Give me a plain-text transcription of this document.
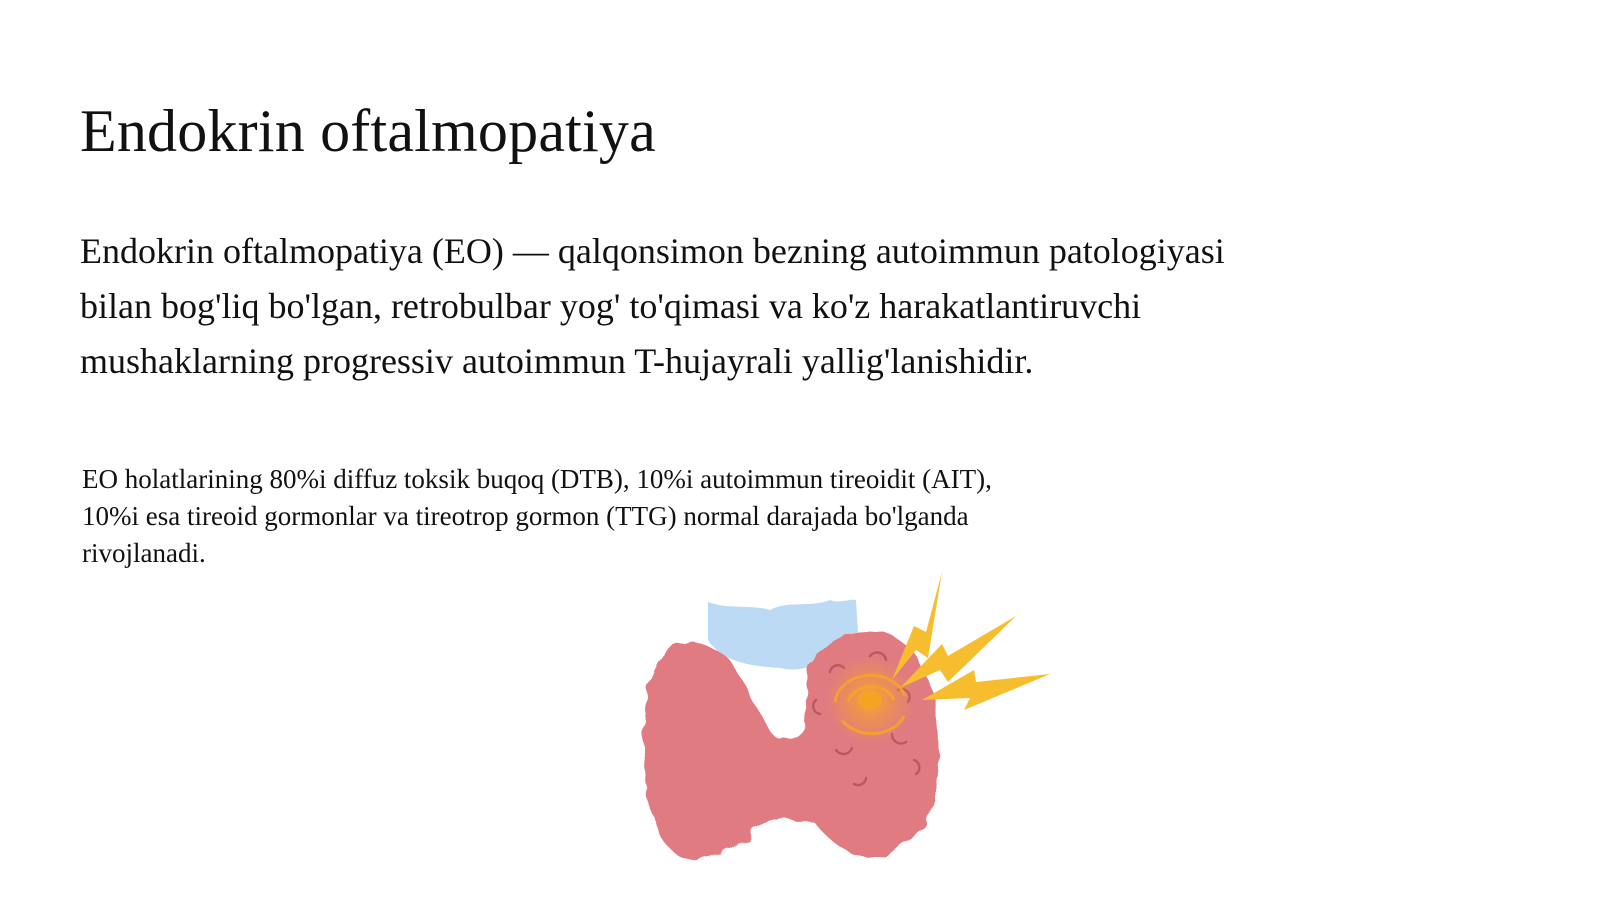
Endokrin oftalmopatiya

Endokrin oftalmopatiya (EO) — qalqonsimon bezning autoimmun patologiyasi
bilan bog'liq bo'lgan, retrobulbar yog' to'qimasi va ko'z harakatlantiruvchi
mushaklarning progressiv autoimmun T-hujayrali yallig'lanishidir.

EO holatlarining 80%i diffuz toksik buqoq (DTB), 10%i autoimmun tireoidit (AIT),
10%i esa tireoid gormonlar va tireotrop gormon (TTG) normal darajada bo'lganda
rivojlanadi.
